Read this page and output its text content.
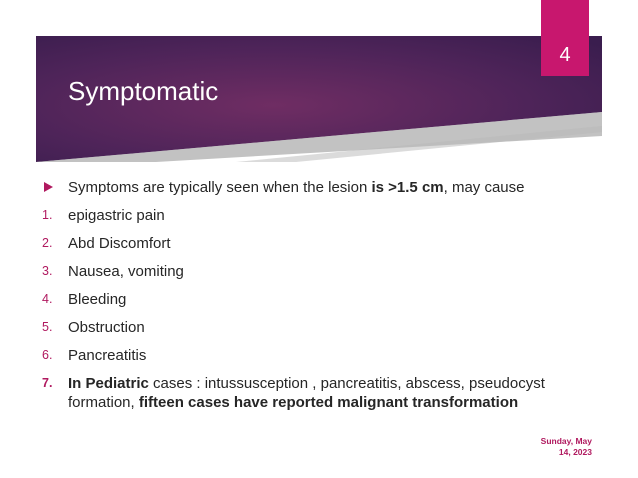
Symptomatic
4
Symptoms are typically seen when the lesion is >1.5 cm, may cause
1. epigastric pain
2. Abd Discomfort
3. Nausea, vomiting
4. Bleeding
5. Obstruction
6. Pancreatitis
7. In Pediatric cases : intussusception , pancreatitis, abscess, pseudocyst formation, fifteen cases have reported malignant transformation
Sunday, May
14, 2023
